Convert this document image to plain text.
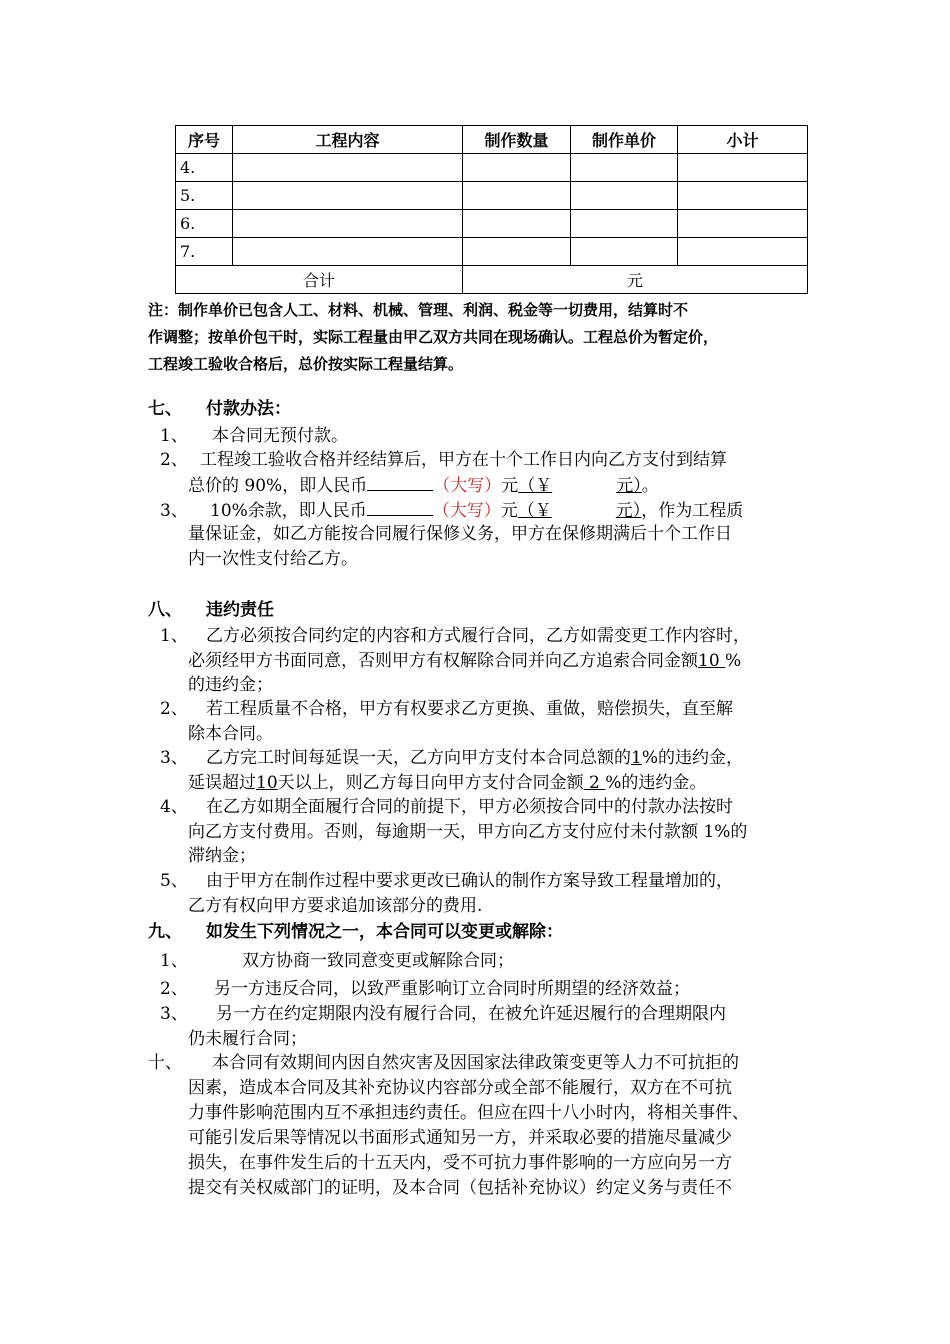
序号	工程内容	制作数量	制作单价	小计
4.				
5.				
6.				
7.				
合计		元		
注：制作单价已包含人工、材料、机械、管理、利润、税金等一切费用，结算时不
作调整；按单价包干时，实际工程量由甲乙双方共同在现场确认。工程总价为暂定价，
工程竣工验收合格后，总价按实际工程量结算。
七、 付款办法：
1、 本合同无预付款。
2、 工程竣工验收合格并经结算后，甲方在十个工作日内向乙方支付到结算
总价的 90%，即人民币	（大写）元（￥	元）。
3、 10%余款，即人民币	（大写）元（￥	元），作为工程质
量保证金，如乙方能按合同履行保修义务，甲方在保修期满后十个工作日
内一次性支付给乙方。
八、 违约责任
1、 乙方必须按合同约定的内容和方式履行合同，乙方如需变更工作内容时，
必须经甲方书面同意，否则甲方有权解除合同并向乙方追索合同金额10 %
的违约金；
2、 若工程质量不合格，甲方有权要求乙方更换、重做，赔偿损失，直至解
除本合同。
3、 乙方完工时间每延误一天，乙方向甲方支付本合同总额的1%的违约金，
延误超过10天以上，则乙方每日向甲方支付合同金额 2 %的违约金。
4、 在乙方如期全面履行合同的前提下，甲方必须按合同中的付款办法按时
向乙方支付费用。否则，每逾期一天，甲方向乙方支付应付未付款额 1%的
滞纳金；
5、 由于甲方在制作过程中要求更改已确认的制作方案导致工程量增加的，
乙方有权向甲方要求追加该部分的费用.
九、 如发生下列情况之一，本合同可以变更或解除：
1、	双方协商一致同意变更或解除合同；
2、 另一方违反合同，以致严重影响订立合同时所期望的经济效益；
3、 另一方在约定期限内没有履行合同，在被允许延迟履行的合理期限内
仍未履行合同；
十、 本合同有效期间内因自然灾害及因国家法律政策变更等人力不可抗拒的
因素，造成本合同及其补充协议内容部分或全部不能履行，双方在不可抗
力事件影响范围内互不承担违约责任。但应在四十八小时内，将相关事件、
可能引发后果等情况以书面形式通知另一方，并采取必要的措施尽量减少
损失，在事件发生后的十五天内，受不可抗力事件影响的一方应向另一方
提交有关权威部门的证明，及本合同（包括补充协议）约定义务与责任不
